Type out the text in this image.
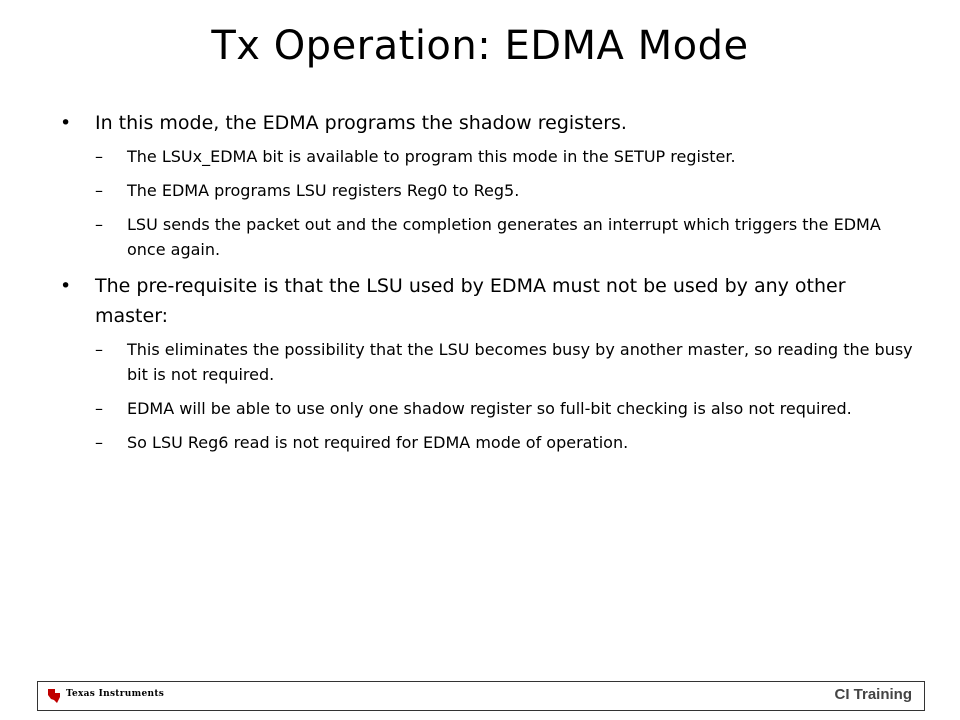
Tx Operation: EDMA Mode
• In this mode, the EDMA programs the shadow registers.
– The LSUx_EDMA bit is available to program this mode in the SETUP register.
– The EDMA programs LSU registers Reg0 to Reg5.
– LSU sends the packet out and the completion generates an interrupt which triggers the EDMA once again.
• The pre-requisite is that the LSU used by EDMA must not be used by any other master:
– This eliminates the possibility that the LSU becomes busy by another master, so reading the busy bit is not required.
– EDMA will be able to use only one shadow register so full-bit checking is also not required.
– So LSU Reg6 read is not required for EDMA mode of operation.
Texas Instruments	CI Training
